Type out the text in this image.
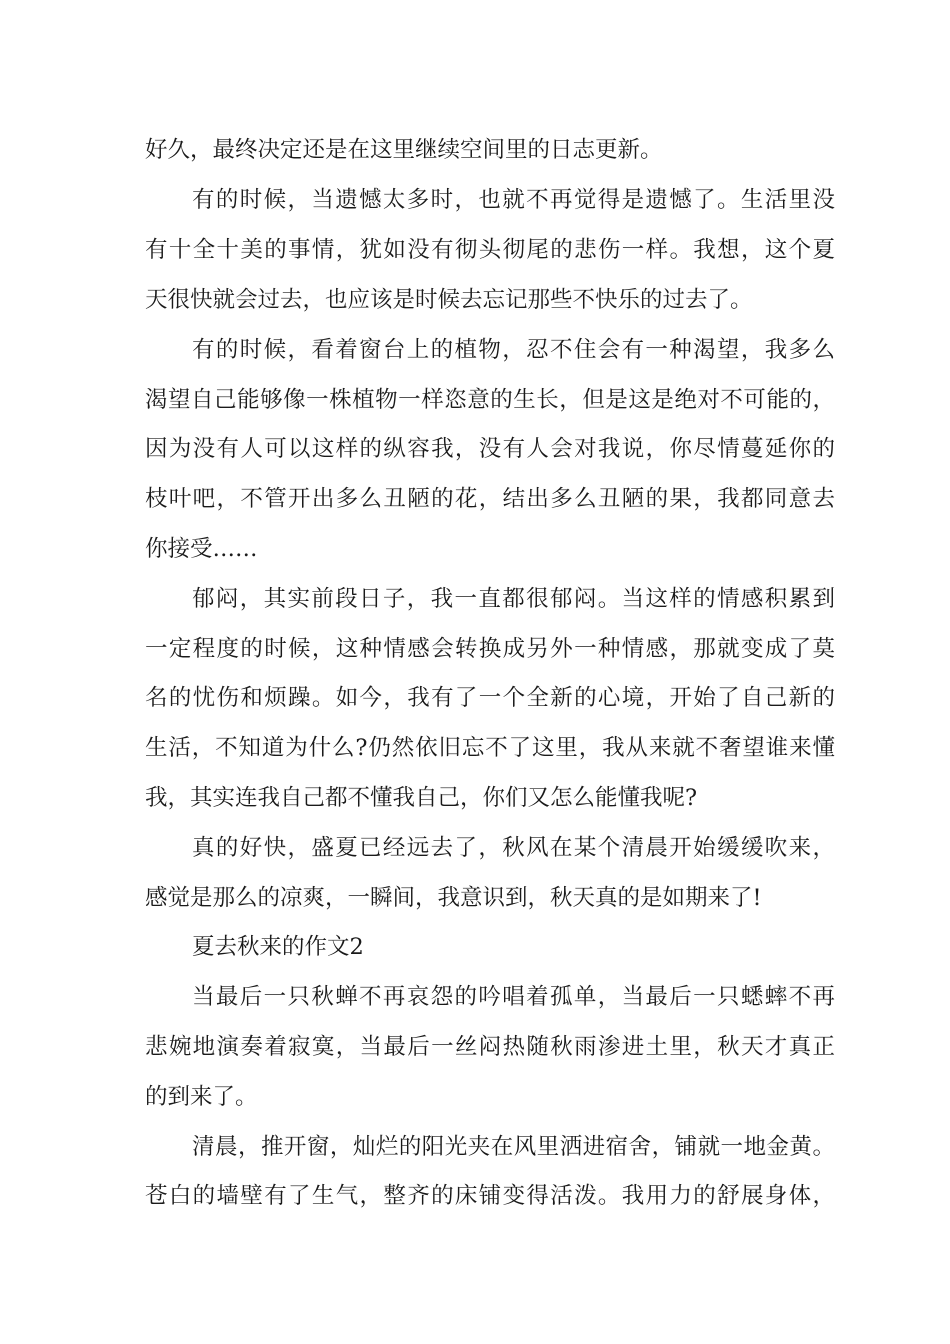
好久，最终决定还是在这里继续空间里的日志更新。
有的时候，当遗憾太多时，也就不再觉得是遗憾了。生活里没
有十全十美的事情，犹如没有彻头彻尾的悲伤一样。我想，这个夏
天很快就会过去，也应该是时候去忘记那些不快乐的过去了。
有的时候，看着窗台上的植物，忍不住会有一种渴望，我多么
渴望自己能够像一株植物一样恣意的生长，但是这是绝对不可能的，
因为没有人可以这样的纵容我，没有人会对我说，你尽情蔓延你的
枝叶吧，不管开出多么丑陋的花，结出多么丑陋的果，我都同意去
你接受……
郁闷，其实前段日子，我一直都很郁闷。当这样的情感积累到
一定程度的时候，这种情感会转换成另外一种情感，那就变成了莫
名的忧伤和烦躁。如今，我有了一个全新的心境，开始了自己新的
生活，不知道为什么?仍然依旧忘不了这里，我从来就不奢望谁来懂
我，其实连我自己都不懂我自己，你们又怎么能懂我呢?
真的好快，盛夏已经远去了，秋风在某个清晨开始缓缓吹来，
感觉是那么的凉爽，一瞬间，我意识到，秋天真的是如期来了!
夏去秋来的作文2
当最后一只秋蝉不再哀怨的吟唱着孤单，当最后一只蟋蟀不再
悲婉地演奏着寂寞，当最后一丝闷热随秋雨渗进土里，秋天才真正
的到来了。
清晨，推开窗，灿烂的阳光夹在风里洒进宿舍，铺就一地金黄。
苍白的墙壁有了生气，整齐的床铺变得活泼。我用力的舒展身体，
